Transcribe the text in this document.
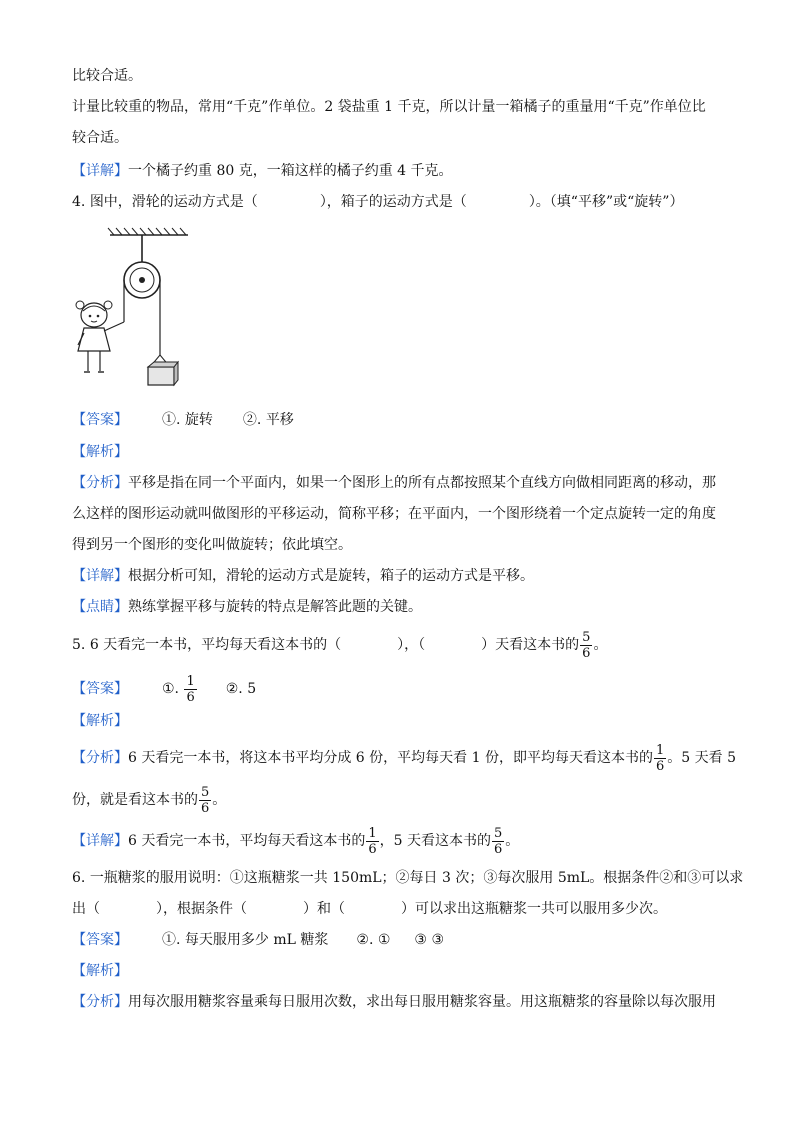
比较合适。
计量比较重的物品，常用“千克”作单位。2 袋盐重 1 千克，所以计量一箱橘子的重量用“千克”作单位比
较合适。
【详解】一个橘子约重 80 克，一箱这样的橘子约重 4 千克。
4. 图中，滑轮的运动方式是（	），箱子的运动方式是（	）。（填“平移”或“旋转”）
【答案】 ①. 旋转 ②. 平移
【解析】
【分析】平移是指在同一个平面内，如果一个图形上的所有点都按照某个直线方向做相同距离的移动，那
么这样的图形运动就叫做图形的平移运动，简称平移；在平面内，一个图形绕着一个定点旋转一定的角度
得到另一个图形的变化叫做旋转；依此填空。
【详解】根据分析可知，滑轮的运动方式是旋转，箱子的运动方式是平移。
【点睛】熟练掌握平移与旋转的特点是解答此题的关键。
5. 6 天看完一本书，平均每天看这本书的（	），（	）天看这本书的 $\frac{5}{6}$ 。
【答案】 ①. $\frac{1}{6}$ ②. 5
【解析】
【分析】6 天看完一本书，将这本书平均分成 6 份，平均每天看 1 份，即平均每天看这本书的 $\frac{1}{6}$ 。5 天看 5
份，就是看这本书的 $\frac{5}{6}$ 。
【详解】6 天看完一本书，平均每天看这本书的 $\frac{1}{6}$ ，5 天看这本书的 $\frac{5}{6}$ 。
6. 一瓶糖浆的服用说明：①这瓶糖浆一共 150mL；②每日 3 次；③每次服用 5mL。根据条件②和③可以求
出（	），根据条件（	）和（	）可以求出这瓶糖浆一共可以服用多少次。
【答案】 ①. 每天服用多少 mL 糖浆 ②. ① ③ ③
【解析】
【分析】用每次服用糖浆容量乘每日服用次数，求出每日服用糖浆容量。用这瓶糖浆的容量除以每次服用
